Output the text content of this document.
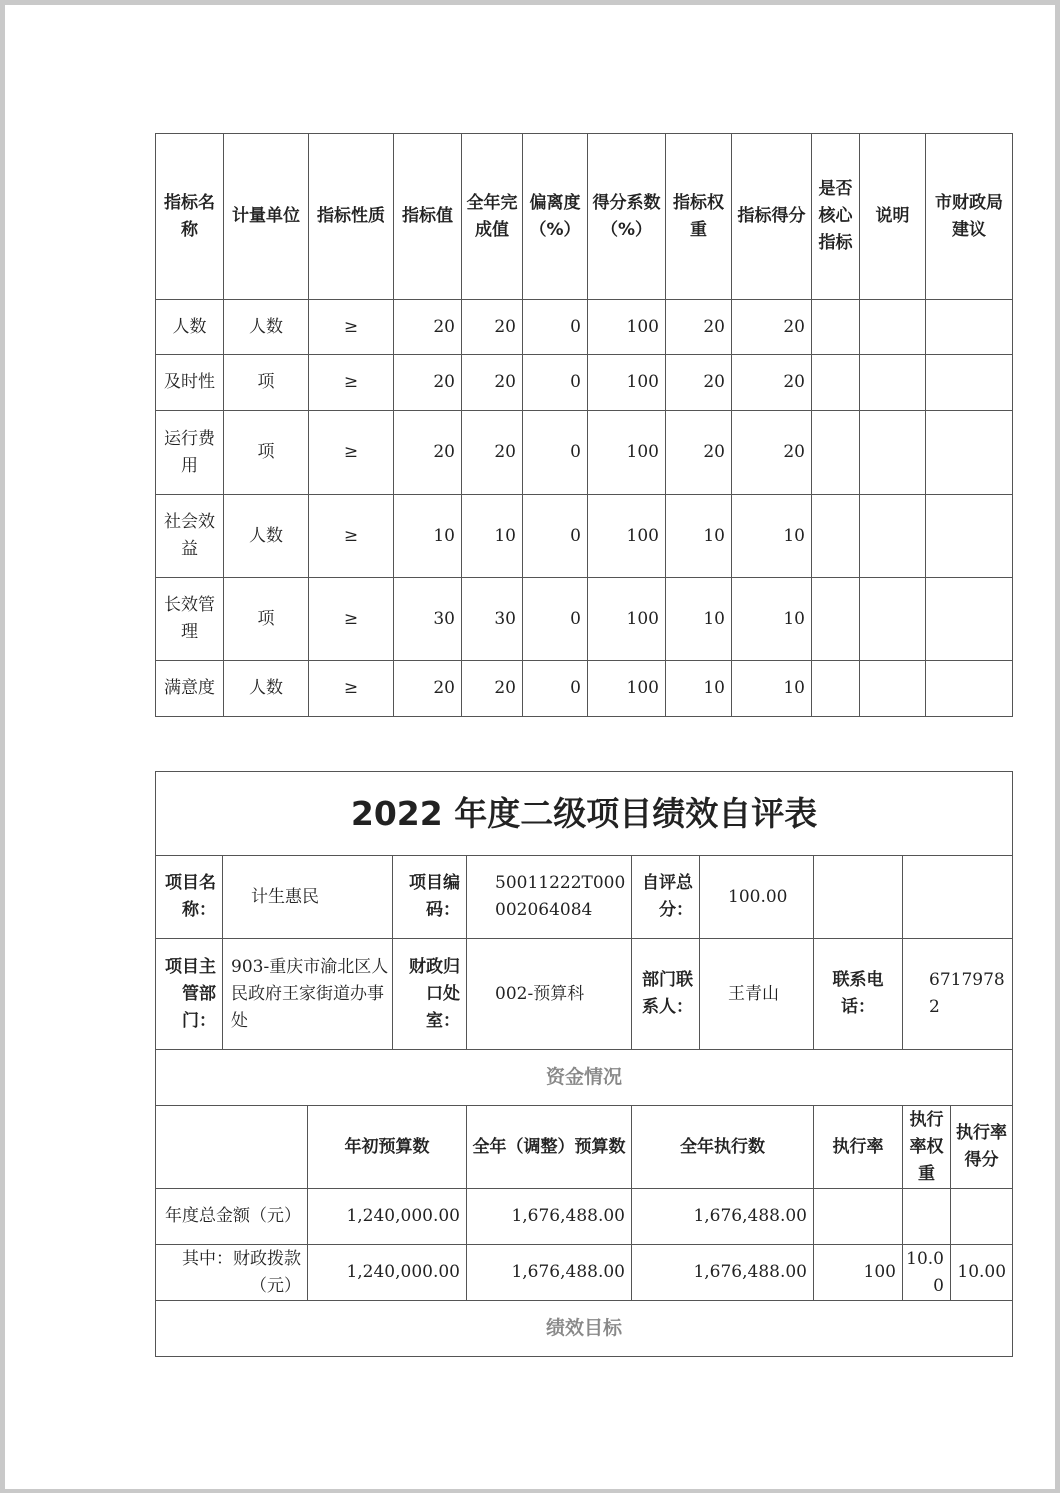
指标名称	计量单位	指标性质	指标值	全年完成值	偏离度（%）	得分系数（%）	指标权重	指标得分	是否核心指标	说明	市财政局建议
人数	人数	≥	20	20	0	100	20	20			
及时性	项	≥	20	20	0	100	20	20			
运行费用	项	≥	20	20	0	100	20	20			
社会效益	人数	≥	10	10	0	100	10	10			
长效管理	项	≥	30	30	0	100	10	10			
满意度	人数	≥	20	20	0	100	10	10			
2022 年度二级项目绩效自评表									
项目名称：	计生惠民		项目编码：	50011222T000002064084	自评总分：	100.00			
项目主管部门：	903-重庆市渝北区人民政府王家街道办事处		财政归口处室：	002-预算科	部门联系人：	王青山	联系电话：	67179782	
资金情况									
		年初预算数		全年（调整）预算数	全年执行数		执行率	执行率权重	执行率得分
年度总金额（元）		1,240,000.00		1,676,488.00	1,676,488.00				
其中：财政拨款（元）		1,240,000.00		1,676,488.00	1,676,488.00		100	10.00	10.00
绩效目标									
